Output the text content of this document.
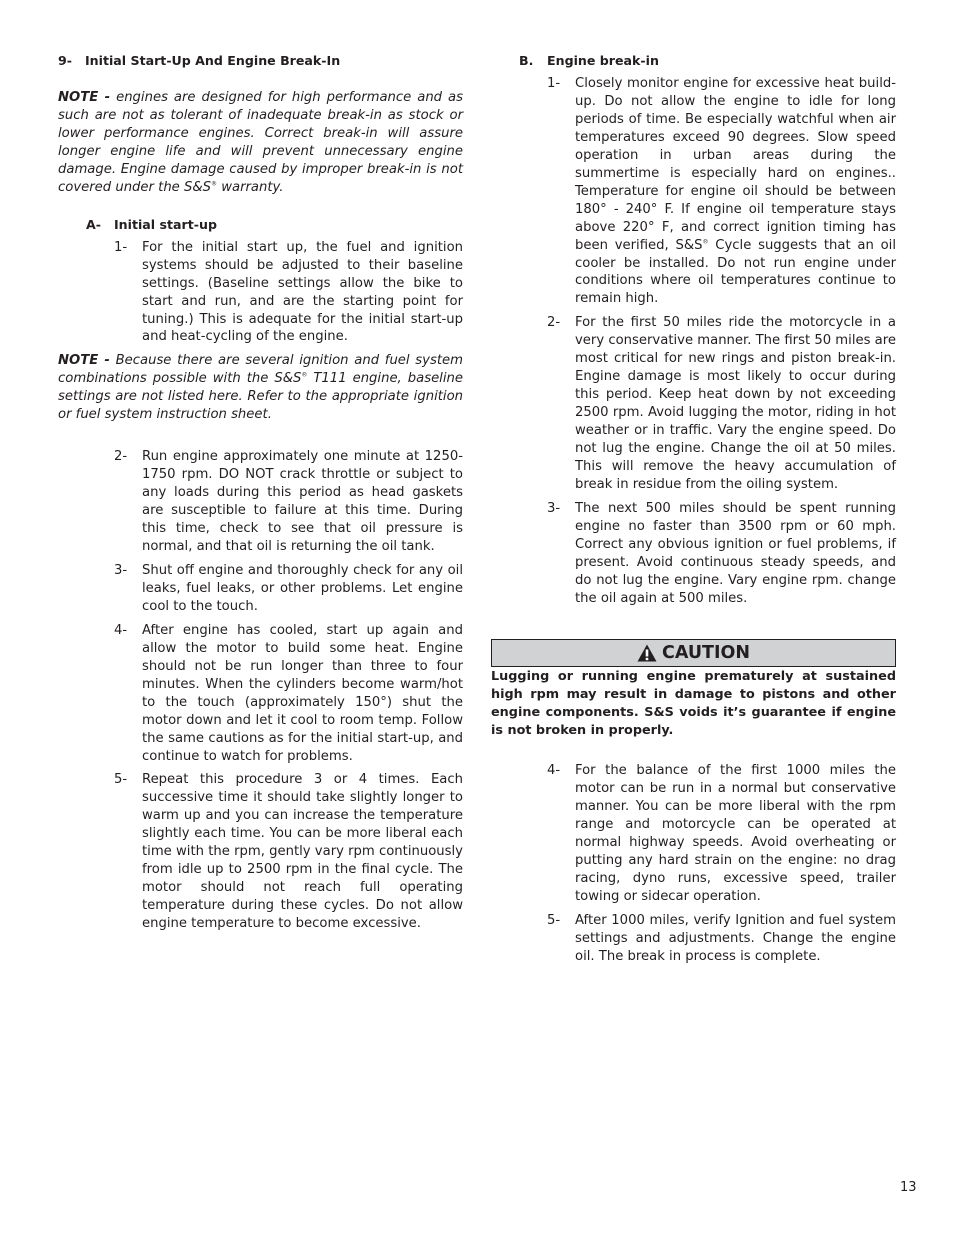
9-	Initial Start-Up And Engine Break-In

NOTE - engines are designed for high performance and as such are not as tolerant of inadequate break-in as stock or lower performance engines. Correct break-in will assure longer engine life and will prevent unnecessary engine damage. Engine damage caused by improper break-in is not covered under the S&S® warranty.

A-	Initial start-up
1-	For the initial start up, the fuel and ignition systems should be adjusted to their baseline settings. (Baseline settings allow the bike to start and run, and are the starting point for tuning.) This is adequate for the initial start-up and heat-cycling of the engine.

NOTE - Because there are several ignition and fuel system combinations possible with the S&S® T111 engine, baseline settings are not listed here. Refer to the appropriate ignition or fuel system instruction sheet.

2-	Run engine approximately one minute at 1250-1750 rpm. DO NOT crack throttle or subject to any loads during this period as head gaskets are susceptible to failure at this time. During this time, check to see that oil pressure is normal, and that oil is returning the oil tank.
3-	Shut off engine and thoroughly check for any oil leaks, fuel leaks, or other problems. Let engine cool to the touch.
4-	After engine has cooled, start up again and allow the motor to build some heat. Engine should not be run longer than three to four minutes. When the cylinders become warm/hot to the touch (approximately 150°) shut the motor down and let it cool to room temp. Follow the same cautions as for the initial start-up, and continue to watch for problems.
5-	Repeat this procedure 3 or 4 times. Each successive time it should take slightly longer to warm up and you can increase the temperature slightly each time. You can be more liberal each time with the rpm, gently vary rpm continuously from idle up to 2500 rpm in the final cycle. The motor should not reach full operating temperature during these cycles. Do not allow engine temperature to become excessive.
B.	Engine break-in
1-	Closely monitor engine for excessive heat build-up. Do not allow the engine to idle for long periods of time. Be especially watchful when air temperatures exceed 90 degrees. Slow speed operation in urban areas during the summertime is especially hard on engines.. Temperature for engine oil should be between 180° - 240° F. If engine oil temperature stays above 220° F, and correct ignition timing has been verified, S&S® Cycle suggests that an oil cooler be installed. Do not run engine under conditions where oil temperatures continue to remain high.
2-	For the first 50 miles ride the motorcycle in a very conservative manner. The first 50 miles are most critical for new rings and piston break-in. Engine damage is most likely to occur during this period. Keep heat down by not exceeding 2500 rpm. Avoid lugging the motor, riding in hot weather or in traffic. Vary the engine speed. Do not lug the engine. Change the oil at 50 miles. This will remove the heavy accumulation of break in residue from the oiling system.
3-	The next 500 miles should be spent running engine no faster than 3500 rpm or 60 mph. Correct any obvious ignition or fuel problems, if present. Avoid continuous steady speeds, and do not lug the engine. Vary engine rpm. change the oil again at 500 miles.
CAUTION

Lugging or running engine prematurely at sustained high rpm may result in damage to pistons and other engine components. S&S voids it’s guarantee if engine is not broken in properly.

4-	For the balance of the first 1000 miles the motor can be run in a normal but conservative manner. You can be more liberal with the rpm range and motorcycle can be operated at normal highway speeds. Avoid overheating or putting any hard strain on the engine: no drag racing, dyno runs, excessive speed, trailer towing or sidecar operation.
5-	After 1000 miles, verify Ignition and fuel system settings and adjustments. Change the engine oil. The break in process is complete.
13
